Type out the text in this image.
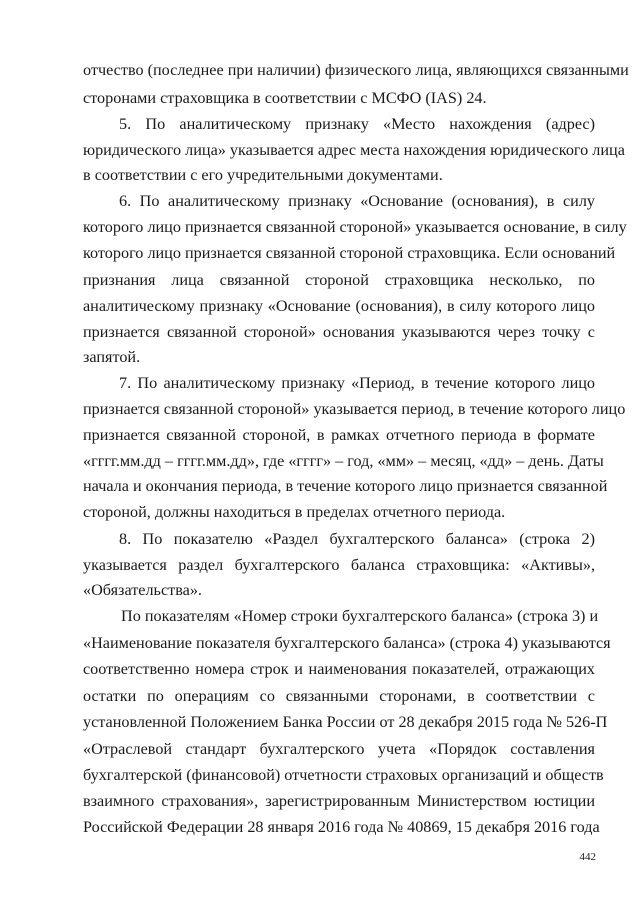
отчество (последнее при наличии) физического лица, являющихся связанными
сторонами страховщика в соответствии с МСФО (IAS) 24.
5. По аналитическому признаку «Место нахождения (адрес)
юридического лица» указывается адрес места нахождения юридического лица
в соответствии с его учредительными документами.
6. По аналитическому признаку «Основание (основания), в силу
которого лицо признается связанной стороной» указывается основание, в силу
которого лицо признается связанной стороной страховщика. Если оснований
признания лица связанной стороной страховщика несколько, по
аналитическому признаку «Основание (основания), в силу которого лицо
признается связанной стороной» основания указываются через точку с
запятой.
7. По аналитическому признаку «Период, в течение которого лицо
признается связанной стороной» указывается период, в течение которого лицо
признается связанной стороной, в рамках отчетного периода в формате
«гггг.мм.дд – гггг.мм.дд», где «гггг» – год, «мм» – месяц, «дд» – день. Даты
начала и окончания периода, в течение которого лицо признается связанной
стороной, должны находиться в пределах отчетного периода.
8. По показателю «Раздел бухгалтерского баланса» (строка 2)
указывается раздел бухгалтерского баланса страховщика: «Активы»,
«Обязательства».
По показателям «Номер строки бухгалтерского баланса» (строка 3) и
«Наименование показателя бухгалтерского баланса» (строка 4) указываются
соответственно номера строк и наименования показателей, отражающих
остатки по операциям со связанными сторонами, в соответствии с
установленной Положением Банка России от 28 декабря 2015 года № 526-П
«Отраслевой стандарт бухгалтерского учета «Порядок составления
бухгалтерской (финансовой) отчетности страховых организаций и обществ
взаимного страхования», зарегистрированным Министерством юстиции
Российской Федерации 28 января 2016 года № 40869, 15 декабря 2016 года
442
